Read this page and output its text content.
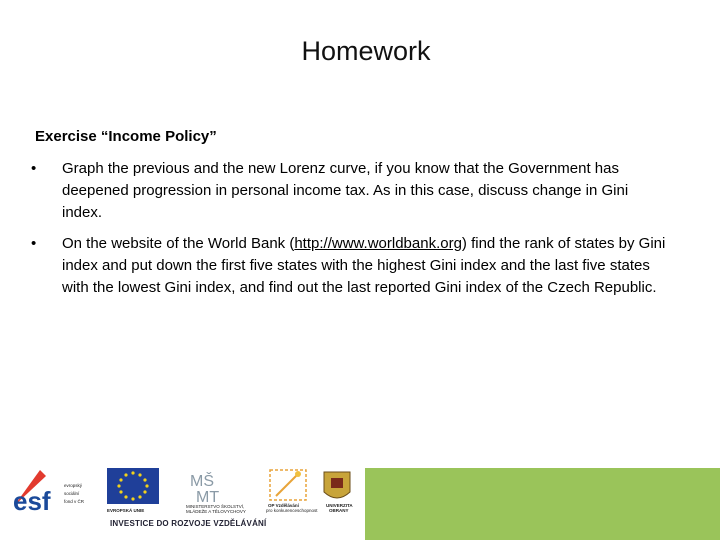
Homework
Exercise “Income Policy”
• Graph the previous and the new Lorenz curve, if you know that the Government has deepened progression in personal income tax. As in this case, discuss change in Gini index.
• On the website of the World Bank (http://www.worldbank.org) find the rank of states by Gini index and put down the first five states with the highest Gini index and the last five states with the lowest Gini index, and find out the last reported Gini index of the Czech Republic.
esf
evropský
sociální
fond v ČR
EVROPSKÁ UNIE
MŠ
MT
MINISTERSTVO ŠKOLSTVÍ,
MLÁDEŽE A TĚLOVYCHOVY
OP Vzdělávání
pro konkurenceschopnost
UNIVERZITA
OBRANY
INVESTICE DO ROZVOJE VZDĚLÁVÁNÍ
